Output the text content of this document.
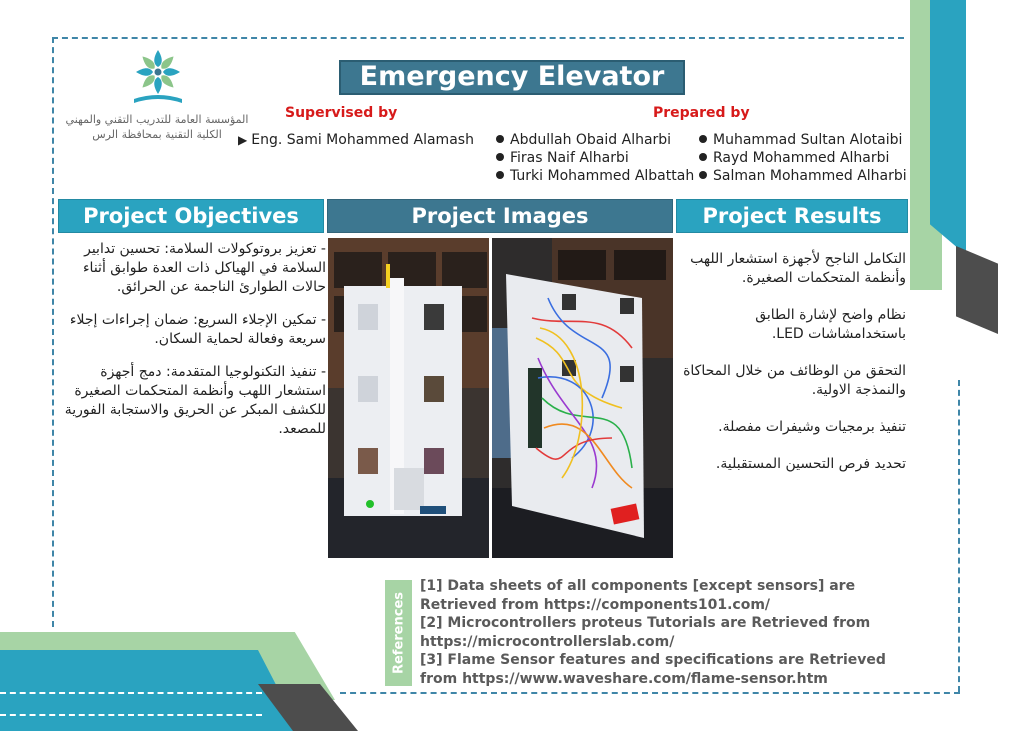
المؤسسة العامة للتدريب التقني والمهني
الكلية التقنية بمحافظة الرس
Emergency Elevator
Supervised by	Prepared by
▶ Eng. Sami Mohammed Alamash	Abdullah Obaid Alharbi
Firas Naif Alharbi
Turki Mohammed Albattah
Muhammad Sultan Alotaibi
Rayd Mohammed Alharbi
Salman Mohammed Alharbi
Project Objectives	Project Images	Project Results

- تعزيز بروتوكولات السلامة: تحسين تدابير السلامة في الهياكل ذات العدة طوابق أثناء حالات الطوارئ الناجمة عن الحرائق.

- تمكين الإجلاء السريع: ضمان إجراءات إجلاء سريعة وفعالة لحماية السكان.

- تنفيذ التكنولوجيا المتقدمة: دمج أجهزة استشعار اللهب وأنظمة المتحكمات الصغيرة للكشف المبكر عن الحريق والاستجابة الفورية للمصعد.

التكامل الناجح لأجهزة استشعار اللهب وأنظمة المتحكمات الصغيرة.

نظام واضح لإشارة الطابق باستخدامشاشات LED.

التحقق من الوظائف من خلال المحاكاة والنمذجة الاولية.

تنفيذ برمجيات وشيفرات مفصلة.

تحديد فرص التحسين المستقبلية.

References
[1] Data sheets of all components [except sensors] are Retrieved from https://components101.com/
[2] Microcontrollers proteus Tutorials are Retrieved from https://microcontrollerslab.com/
[3] Flame Sensor features and specifications are Retrieved from https://www.waveshare.com/flame-sensor.htm
